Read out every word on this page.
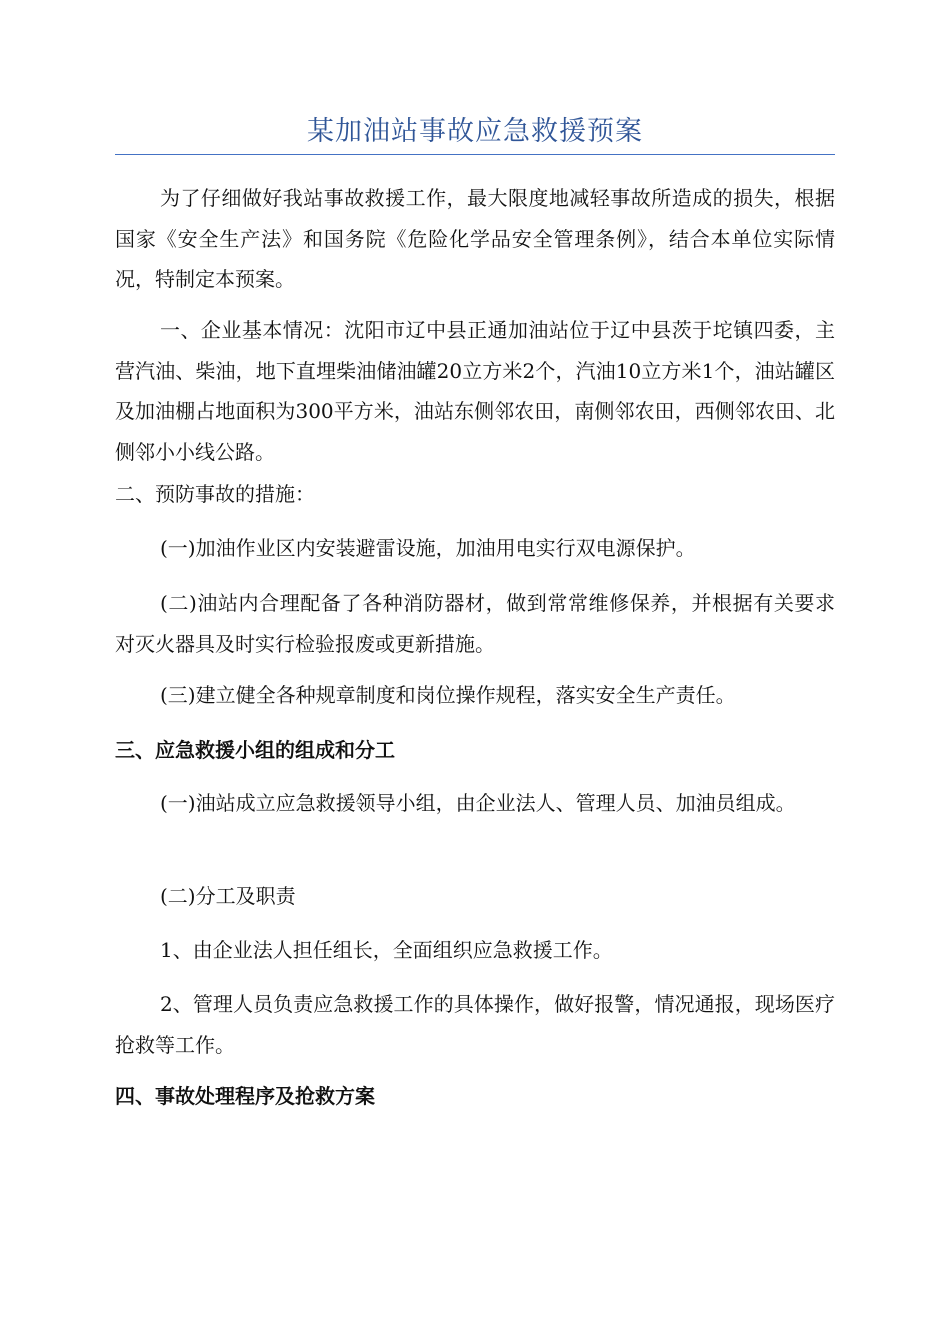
某加油站事故应急救援预案

为了仔细做好我站事故救援工作，最大限度地减轻事故所造成的损失，根据国家《安全生产法》和国务院《危险化学品安全管理条例》，结合本单位实际情况，特制定本预案。

一、企业基本情况：沈阳市辽中县正通加油站位于辽中县茨于坨镇四委，主营汽油、柴油，地下直埋柴油储油罐20立方米2个，汽油10立方米1个，油站罐区及加油棚占地面积为300平方米，油站东侧邻农田，南侧邻农田，西侧邻农田、北侧邻小小线公路。

二、预防事故的措施：

(一)加油作业区内安装避雷设施，加油用电实行双电源保护。

(二)油站内合理配备了各种消防器材，做到常常维修保养，并根据有关要求对灭火器具及时实行检验报废或更新措施。

(三)建立健全各种规章制度和岗位操作规程，落实安全生产责任。

三、应急救援小组的组成和分工

(一)油站成立应急救援领导小组，由企业法人、管理人员、加油员组成。

(二)分工及职责

1、由企业法人担任组长，全面组织应急救援工作。

2、管理人员负责应急救援工作的具体操作，做好报警，情况通报，现场医疗抢救等工作。

四、事故处理程序及抢救方案
